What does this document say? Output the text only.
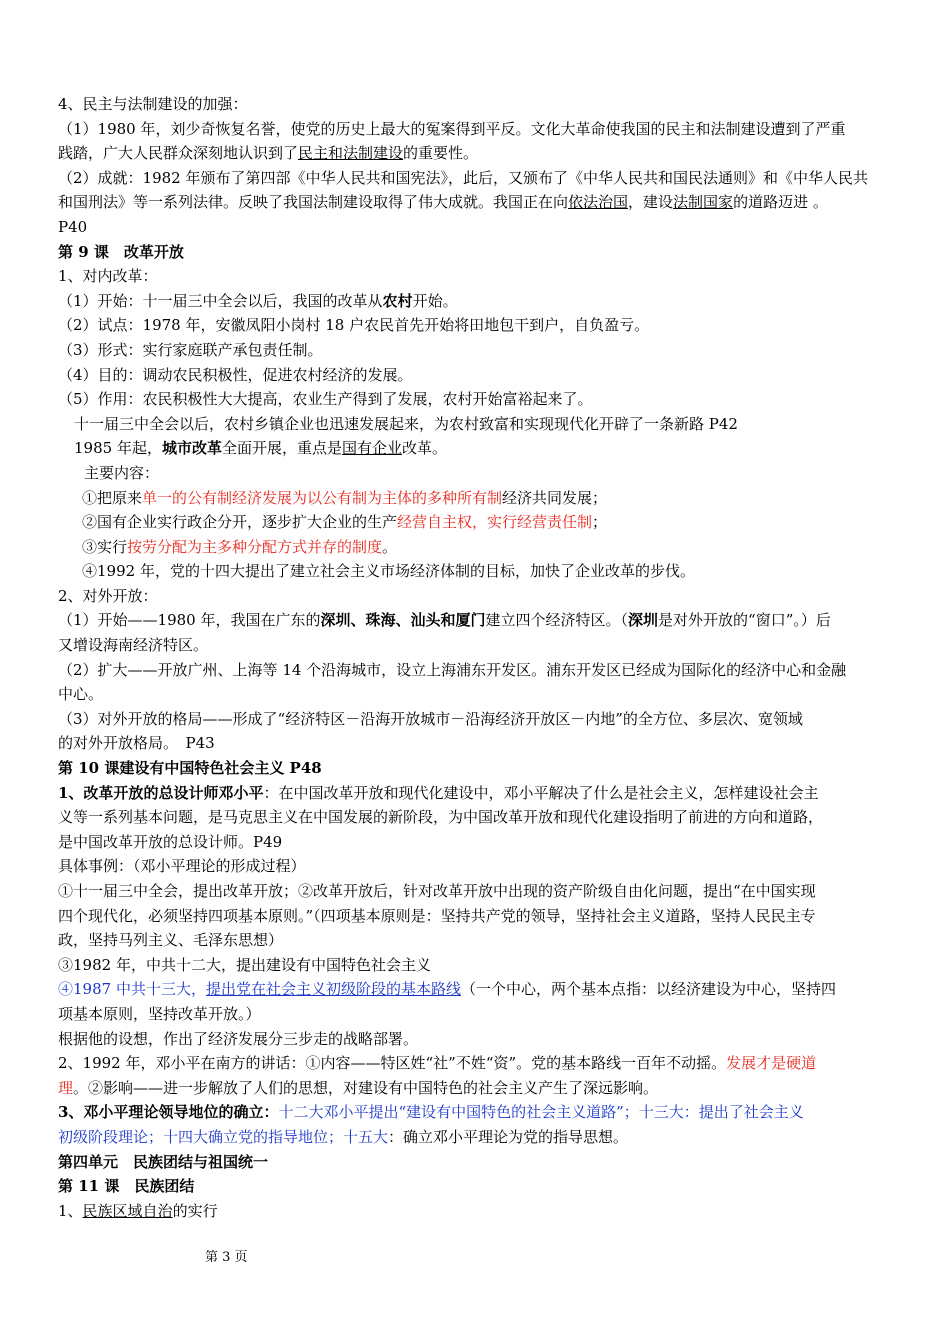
4、民主与法制建设的加强：
（1）1980 年，刘少奇恢复名誉，使党的历史上最大的冤案得到平反。文化大革命使我国的民主和法制建设遭到了严重
践踏，广大人民群众深刻地认识到了民主和法制建设的重要性。
（2）成就：1982 年颁布了第四部《中华人民共和国宪法》，此后，又颁布了《中华人民共和国民法通则》和《中华人民共
和国刑法》等一系列法律。反映了我国法制建设取得了伟大成就。我国正在向依法治国，建设法制国家的道路迈进 。
P40
第 9 课　改革开放
1、对内改革：
（1）开始：十一届三中全会以后，我国的改革从农村开始。
（2）试点：1978 年，安徽凤阳小岗村 18 户农民首先开始将田地包干到户，自负盈亏。
（3）形式：实行家庭联产承包责任制。
（4）目的：调动农民积极性，促进农村经济的发展。
（5）作用：农民积极性大大提高，农业生产得到了发展，农村开始富裕起来了。
十一届三中全会以后，农村乡镇企业也迅速发展起来，为农村致富和实现现代化开辟了一条新路 P42
1985 年起，城市改革全面开展，重点是国有企业改革。
主要内容：
①把原来单一的公有制经济发展为以公有制为主体的多种所有制经济共同发展；
②国有企业实行政企分开，逐步扩大企业的生产经营自主权，实行经营责任制；
③实行按劳分配为主多种分配方式并存的制度。
④1992 年，党的十四大提出了建立社会主义市场经济体制的目标，加快了企业改革的步伐。
2、对外开放：
（1）开始——1980 年，我国在广东的深圳、珠海、汕头和厦门建立四个经济特区。（深圳是对外开放的“窗口”。）后
又增设海南经济特区。
（2）扩大——开放广州、上海等 14 个沿海城市，设立上海浦东开发区。浦东开发区已经成为国际化的经济中心和金融
中心。
（3）对外开放的格局——形成了“经济特区－沿海开放城市－沿海经济开放区－内地”的全方位、多层次、宽领域
的对外开放格局。　P43
第 10 课建设有中国特色社会主义 P48
1、改革开放的总设计师邓小平：在中国改革开放和现代化建设中，邓小平解决了什么是社会主义，怎样建设社会主
义等一系列基本问题，是马克思主义在中国发展的新阶段，为中国改革开放和现代化建设指明了前进的方向和道路，
是中国改革开放的总设计师。P49
具体事例：（邓小平理论的形成过程）
①十一届三中全会，提出改革开放；②改革开放后，针对改革开放中出现的资产阶级自由化问题，提出“在中国实现
四个现代化，必须坚持四项基本原则。”（四项基本原则是：坚持共产党的领导，坚持社会主义道路，坚持人民民主专
政，坚持马列主义、毛泽东思想）
③1982 年，中共十二大，提出建设有中国特色社会主义
④1987 中共十三大，提出党在社会主义初级阶段的基本路线（一个中心，两个基本点指：以经济建设为中心，坚持四
项基本原则，坚持改革开放。）
根据他的设想，作出了经济发展分三步走的战略部署。
2、1992 年，邓小平在南方的讲话：①内容——特区姓“社”不姓“资”。党的基本路线一百年不动摇。发展才是硬道
理。②影响——进一步解放了人们的思想，对建设有中国特色的社会主义产生了深远影响。
3、邓小平理论领导地位的确立：十二大邓小平提出“建设有中国特色的社会主义道路”；十三大：提出了社会主义
初级阶段理论；十四大确立党的指导地位；十五大：确立邓小平理论为党的指导思想。
第四单元　民族团结与祖国统一
第 11 课　民族团结
1、民族区域自治的实行
第 3 页
